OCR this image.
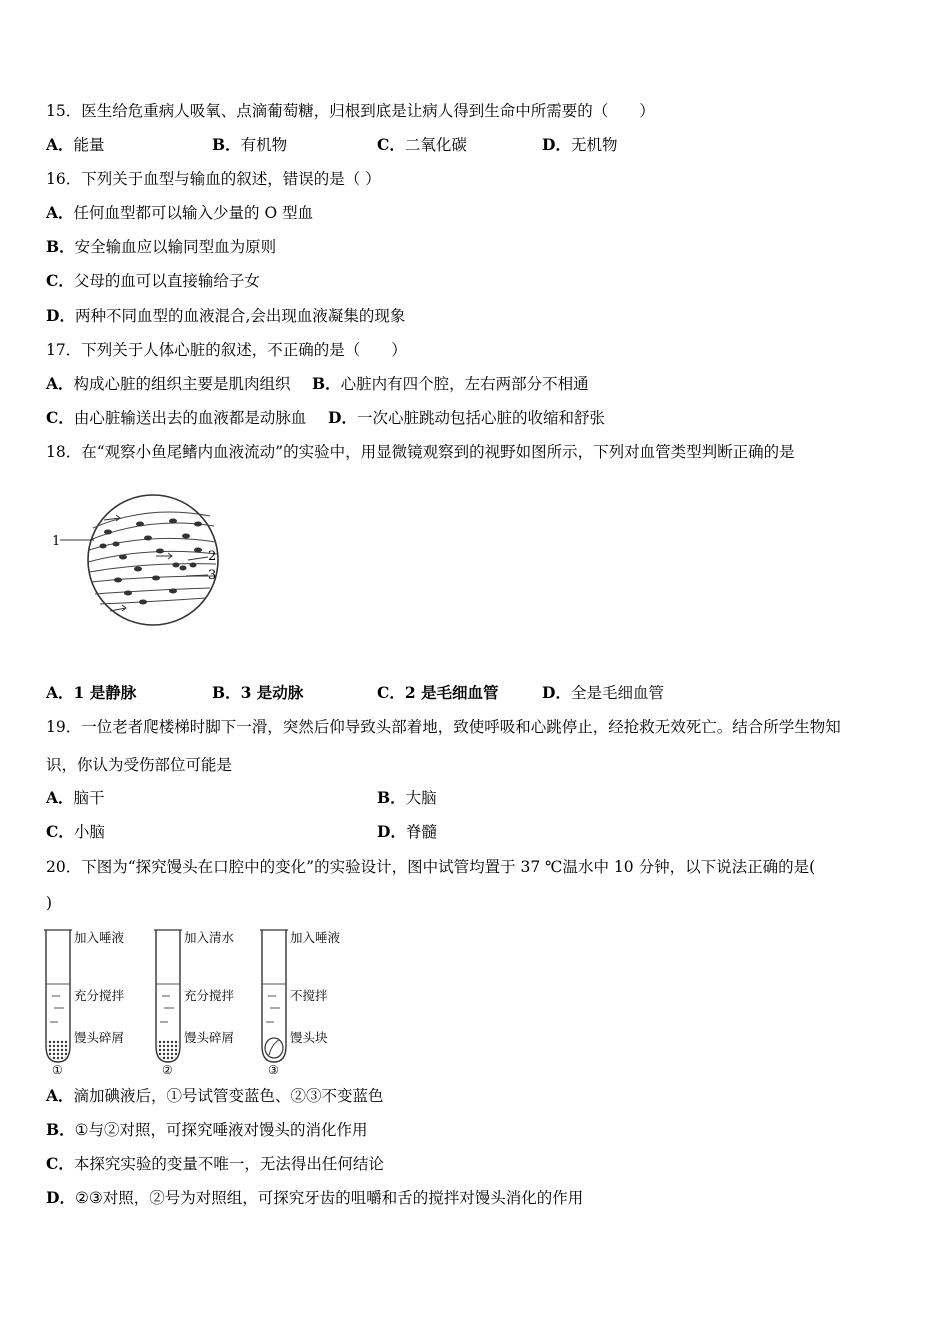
15．医生给危重病人吸氧、点滴葡萄糖，归根到底是让病人得到生命中所需要的（　　）
A．能量	B．有机物	C．二氧化碳	D．无机物
16．下列关于血型与输血的叙述，错误的是（ ）
A．任何血型都可以输入少量的 O 型血
B．安全输血应以输同型血为原则
C．父母的血可以直接输给子女
D．两种不同血型的血液混合,会出现血液凝集的现象
17．下列关于人体心脏的叙述，不正确的是（　　）
A．构成心脏的组织主要是肌肉组织 B．心脏内有四个腔，左右两部分不相通
C．由心脏输送出去的血液都是动脉血 D．一次心脏跳动包括心脏的收缩和舒张
18．在“观察小鱼尾鳍内血液流动”的实验中，用显微镜观察到的视野如图所示，下列对血管类型判断正确的是
1
2
3
A．1 是静脉	B．3 是动脉	C．2 是毛细血管	D．全是毛细血管
19．一位老者爬楼梯时脚下一滑，突然后仰导致头部着地，致使呼吸和心跳停止，经抢救无效死亡。结合所学生物知
识，你认为受伤部位可能是
A．脑干	B．大脑
C．小脑	D．脊髓
20．下图为“探究馒头在口腔中的变化”的实验设计，图中试管均置于 37 ℃温水中 10 分钟，以下说法正确的是(
)
加入唾液
充分搅拌
馒头碎屑
①
加入清水
充分搅拌
馒头碎屑
②
加入唾液
不搅拌
馒头块
③
A．滴加碘液后，①号试管变蓝色、②③不变蓝色
B．①与②对照，可探究唾液对馒头的消化作用
C．本探究实验的变量不唯一，无法得出任何结论
D．②③对照，②号为对照组，可探究牙齿的咀嚼和舌的搅拌对馒头消化的作用
